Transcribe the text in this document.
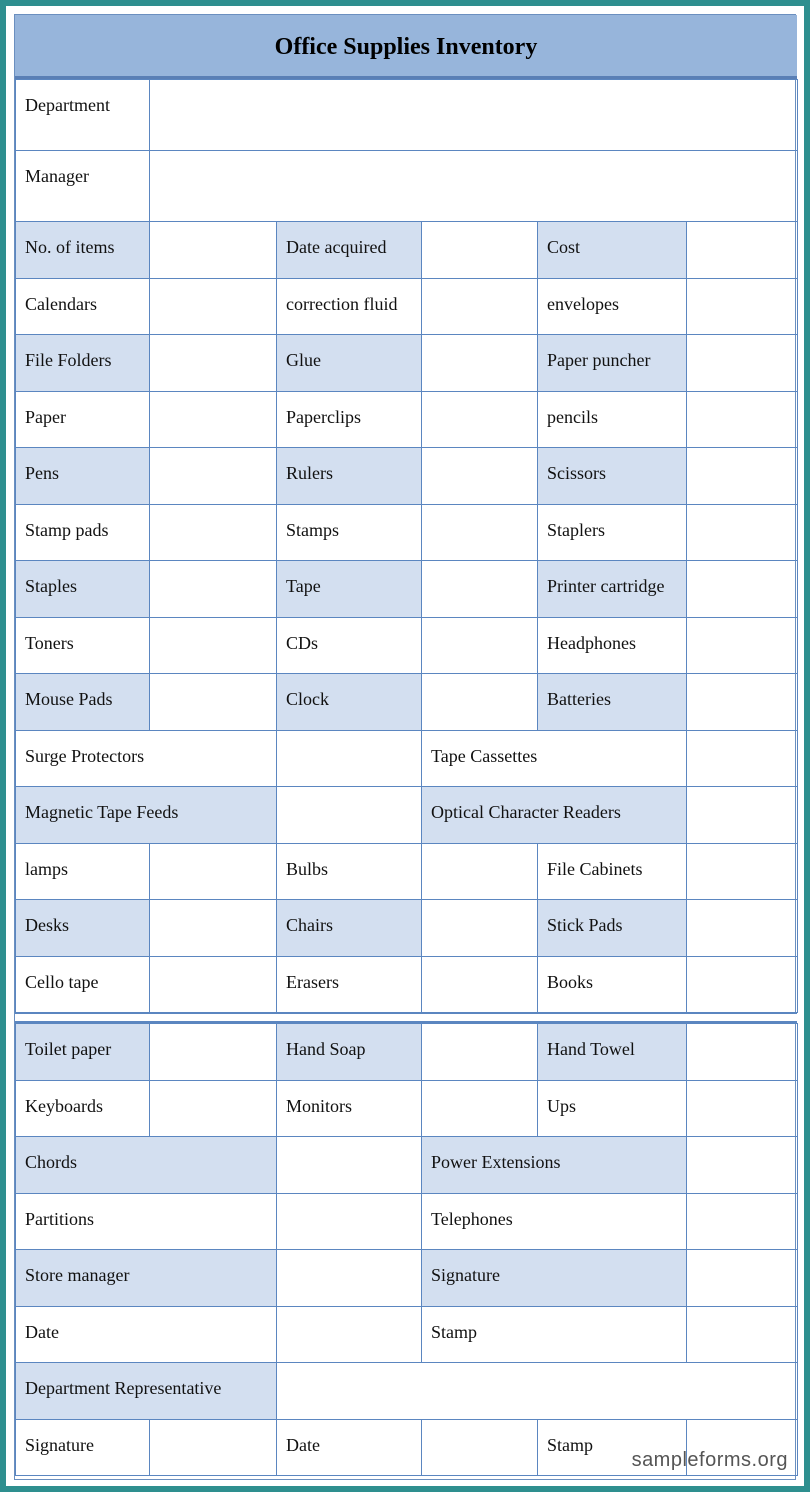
Office Supplies Inventory
Department
Manager
No. of items	Date acquired	Cost
Calendars	correction fluid	envelopes
File Folders	Glue	Paper puncher
Paper	Paperclips	pencils
Pens	Rulers	Scissors
Stamp pads	Stamps	Staplers
Staples	Tape	Printer cartridge
Toners	CDs	Headphones
Mouse Pads	Clock	Batteries
Surge Protectors	Tape Cassettes
Magnetic Tape Feeds	Optical Character Readers
lamps	Bulbs	File Cabinets
Desks	Chairs	Stick Pads
Cello tape	Erasers	Books
Toilet paper	Hand Soap	Hand Towel
Keyboards	Monitors	Ups
Chords	Power Extensions
Partitions	Telephones
Store manager	Signature
Date	Stamp
Department Representative
Signature	Date	Stamp
sampleforms.org
